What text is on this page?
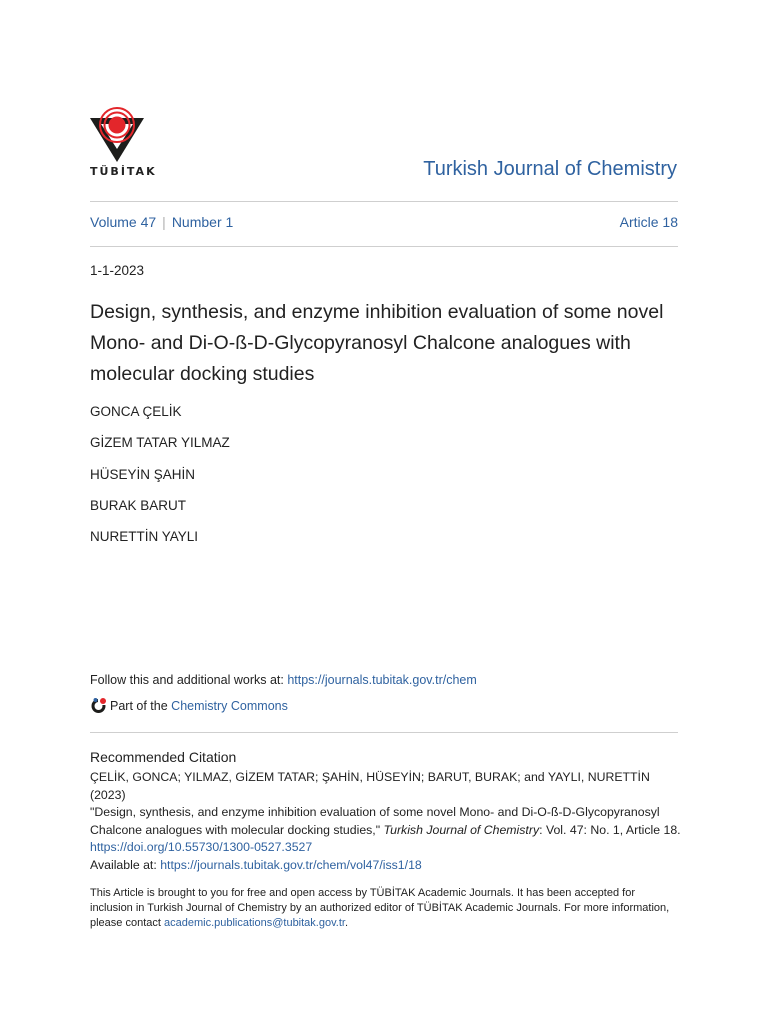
TÜBİTAK	Turkish Journal of Chemistry
Volume 47 | Number 1	Article 18
1-1-2023
Design, synthesis, and enzyme inhibition evaluation of some novel Mono- and Di-O-ß-D-Glycopyranosyl Chalcone analogues with molecular docking studies
GONCA ÇELİK
GİZEM TATAR YILMAZ
HÜSEYİN ŞAHİN
BURAK BARUT
NURETTİN YAYLI
Follow this and additional works at: https://journals.tubitak.gov.tr/chem
Part of the
Chemistry Commons
Recommended Citation
ÇELİK, GONCA; YILMAZ, GİZEM TATAR; ŞAHİN, HÜSEYİN; BARUT, BURAK; and YAYLI, NURETTİN (2023)
"Design, synthesis, and enzyme inhibition evaluation of some novel Mono- and Di-O-ß-D-Glycopyranosyl Chalcone analogues with molecular docking studies," Turkish Journal of Chemistry: Vol. 47: No. 1, Article 18. https://doi.org/10.55730/1300-0527.3527
Available at: https://journals.tubitak.gov.tr/chem/vol47/iss1/18
This Article is brought to you for free and open access by TÜBİTAK Academic Journals. It has been accepted for inclusion in Turkish Journal of Chemistry by an authorized editor of TÜBİTAK Academic Journals. For more information, please contact academic.publications@tubitak.gov.tr.
